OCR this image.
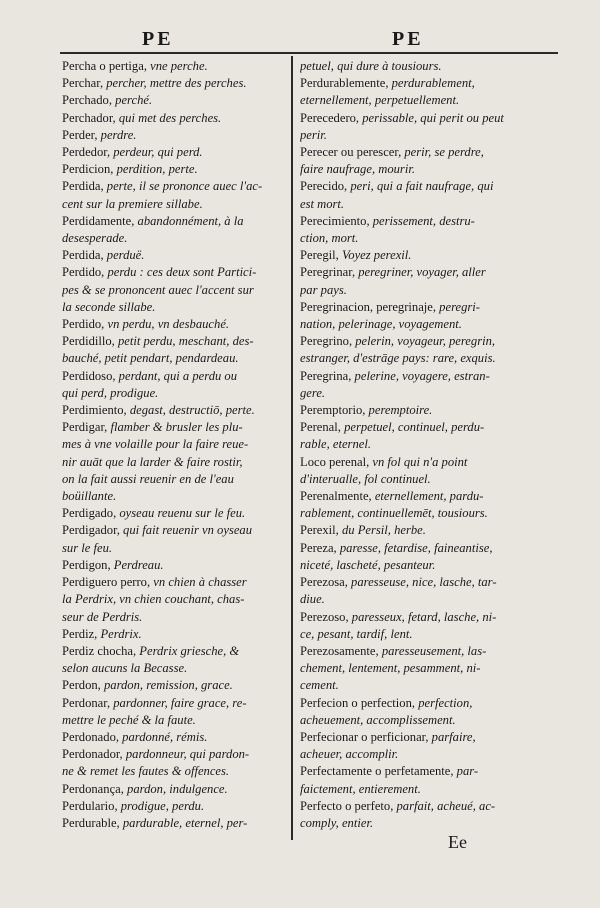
PE	PE
Percha o pertiga, vne perche.
Perchar, percher, mettre des perches.
Perchado, perché.
Perchador, qui met des perches.
Perder, perdre.
Perdedor, perdeur, qui perd.
Perdicion, perdition, perte.
Perdida, perte, il se prononce auec l'ac-
cent sur la premiere sillabe.
Perdidamente, abandonnément, à la
desesperade.
Perdida, perduë.
Perdido, perdu : ces deux sont Partici-
pes & se prononcent auec l'accent sur
la seconde sillabe.
Perdido, vn perdu, vn desbauché.
Perdidillo, petit perdu, meschant, des-
bauché, petit pendart, pendardeau.
Perdidoso, perdant, qui a perdu ou
qui perd, prodigue.
Perdimiento, degast, destructiō, perte.
Perdigar, flamber & brusler les plu-
mes à vne volaille pour la faire reue-
nir auāt que la larder & faire rostir,
on la fait aussi reuenir en de l'eau
boüillante.
Perdigado, oyseau reuenu sur le feu.
Perdigador, qui fait reuenir vn oyseau
sur le feu.
Perdigon, Perdreau.
Perdiguero perro, vn chien à chasser
la Perdrix, vn chien couchant, chas-
seur de Perdris.
Perdiz, Perdrix.
Perdiz chocha, Perdrix griesche, &
selon aucuns la Becasse.
Perdon, pardon, remission, grace.
Perdonar, pardonner, faire grace, re-
mettre le peché & la faute.
Perdonado, pardonné, rémis.
Perdonador, pardonneur, qui pardon-
ne & remet les fautes & offences.
Perdonança, pardon, indulgence.
Perdulario, prodigue, perdu.
Perdurable, pardurable, eternel, per-
petuel, qui dure à tousiours.
Perdurablemente, perdurablement,
eternellement, perpetuellement.
Perecedero, perissable, qui perit ou peut
perir.
Perecer ou perescer, perir, se perdre,
faire naufrage, mourir.
Perecido, peri, qui a fait naufrage, qui
est mort.
Perecimiento, perissement, destru-
ction, mort.
Peregil, Voyez perexil.
Peregrinar, peregriner, voyager, aller
par pays.
Peregrinacion, peregrinaje, peregri-
nation, pelerinage, voyagement.
Peregrino, pelerin, voyageur, peregrin,
estranger, d'estrāge pays: rare, exquis.
Peregrina, pelerine, voyagere, estran-
gere.
Peremptorio, peremptoire.
Perenal, perpetuel, continuel, perdu-
rable, eternel.
Loco perenal, vn fol qui n'a point
d'interualle, fol continuel.
Perenalmente, eternellement, pardu-
rablement, continuellemēt, tousiours.
Perexil, du Persil, herbe.
Pereza, paresse, fetardise, faineantise,
niceté, lascheté, pesanteur.
Perezosa, paresseuse, nice, lasche, tar-
diue.
Perezoso, paresseux, fetard, lasche, ni-
ce, pesant, tardif, lent.
Perezosamente, paresseusement, las-
chement, lentement, pesamment, ni-
cement.
Perfecion o perfection, perfection,
acheuement, accomplissement.
Perfecionar o perficionar, parfaire,
acheuer, accomplir.
Perfectamente o perfetamente, par-
faictement, entierement.
Perfecto o perfeto, parfait, acheué, ac-
comply, entier.
Ee
